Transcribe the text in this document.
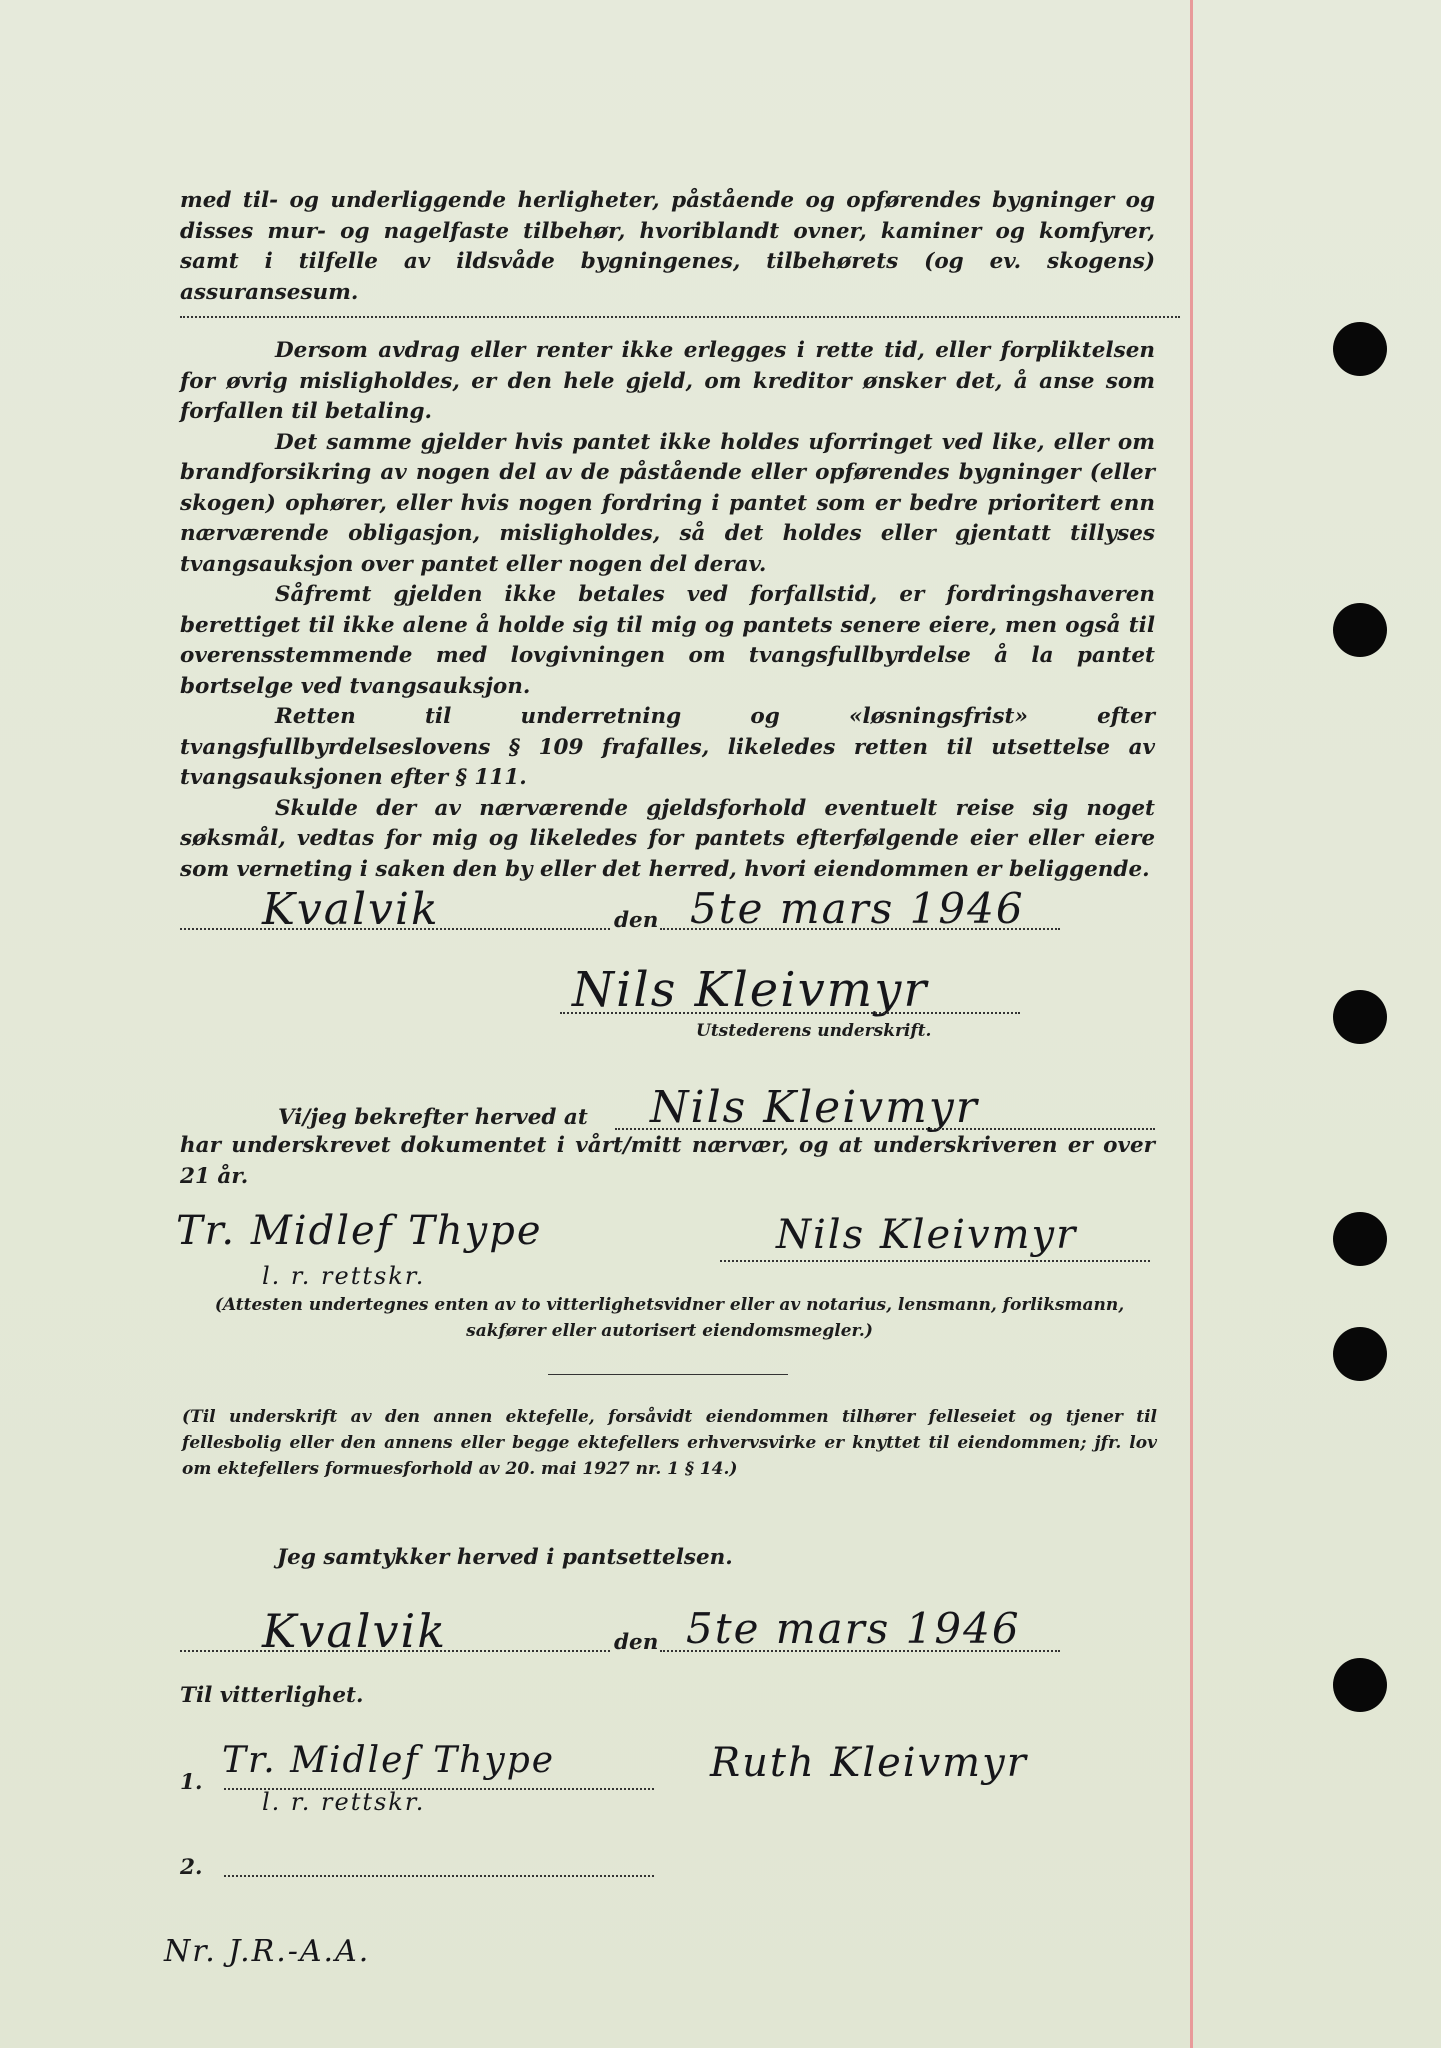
med til- og underliggende herligheter, påstående og opførendes bygninger og disses mur- og nagelfaste tilbehør, hvoriblandt ovner, kaminer og komfyrer, samt i tilfelle av ildsvåde bygningenes, tilbehørets (og ev. skogens) assuransesum.

Dersom avdrag eller renter ikke erlegges i rette tid, eller forpliktelsen for øvrig misligholdes, er den hele gjeld, om kreditor ønsker det, å anse som forfallen til betaling.

Det samme gjelder hvis pantet ikke holdes uforringet ved like, eller om brandforsikring av nogen del av de påstående eller opførendes bygninger (eller skogen) ophører, eller hvis nogen fordring i pantet som er bedre prioritert enn nærværende obligasjon, misligholdes, så det holdes eller gjentatt tillyses tvangsauksjon over pantet eller nogen del derav.

Såfremt gjelden ikke betales ved forfallstid, er fordringshaveren berettiget til ikke alene å holde sig til mig og pantets senere eiere, men også til overensstemmende med lovgivningen om tvangsfullbyrdelse å la pantet bortselge ved tvangsauksjon.

Retten til underretning og «løsningsfrist» efter tvangsfullbyrdelseslovens § 109 frafalles, likeledes retten til utsettelse av tvangsauksjonen efter § 111.

Skulde der av nærværende gjeldsforhold eventuelt reise sig noget søksmål, vedtas for mig og likeledes for pantets efterfølgende eier eller eiere som verneting i saken den by eller det herred, hvori eiendommen er beliggende.

Kvalvik	den 5te mars 1946
Nils Kleivmyr
Utstederens underskrift.
Vi/jeg bekrefter herved at Nils Kleivmyr

har underskrevet dokumentet i vårt/mitt nærvær, og at underskriveren er over 21 år.

Tr. Midlef Thype
l. r. rettskr.
Nils Kleivmyr
(Attesten undertegnes enten av to vitterlighetsvidner eller av notarius, lensmann, forliksmann, sakfører eller autorisert eiendomsmegler.)
(Til underskrift av den annen ektefelle, forsåvidt eiendommen tilhører felleseiet og tjener til fellesbolig eller den annens eller begge ektefellers erhvervsvirke er knyttet til eiendommen; jfr. lov om ektefellers formuesforhold av 20. mai 1927 nr. 1 § 14.)
Jeg samtykker herved i pantsettelsen.
Kvalvik	den 5te mars 1946
Til vitterlighet.
1.
Tr. Midlef Thype
l. r. rettskr.
Ruth Kleivmyr
2.
Nr. J.R.-A.A.
